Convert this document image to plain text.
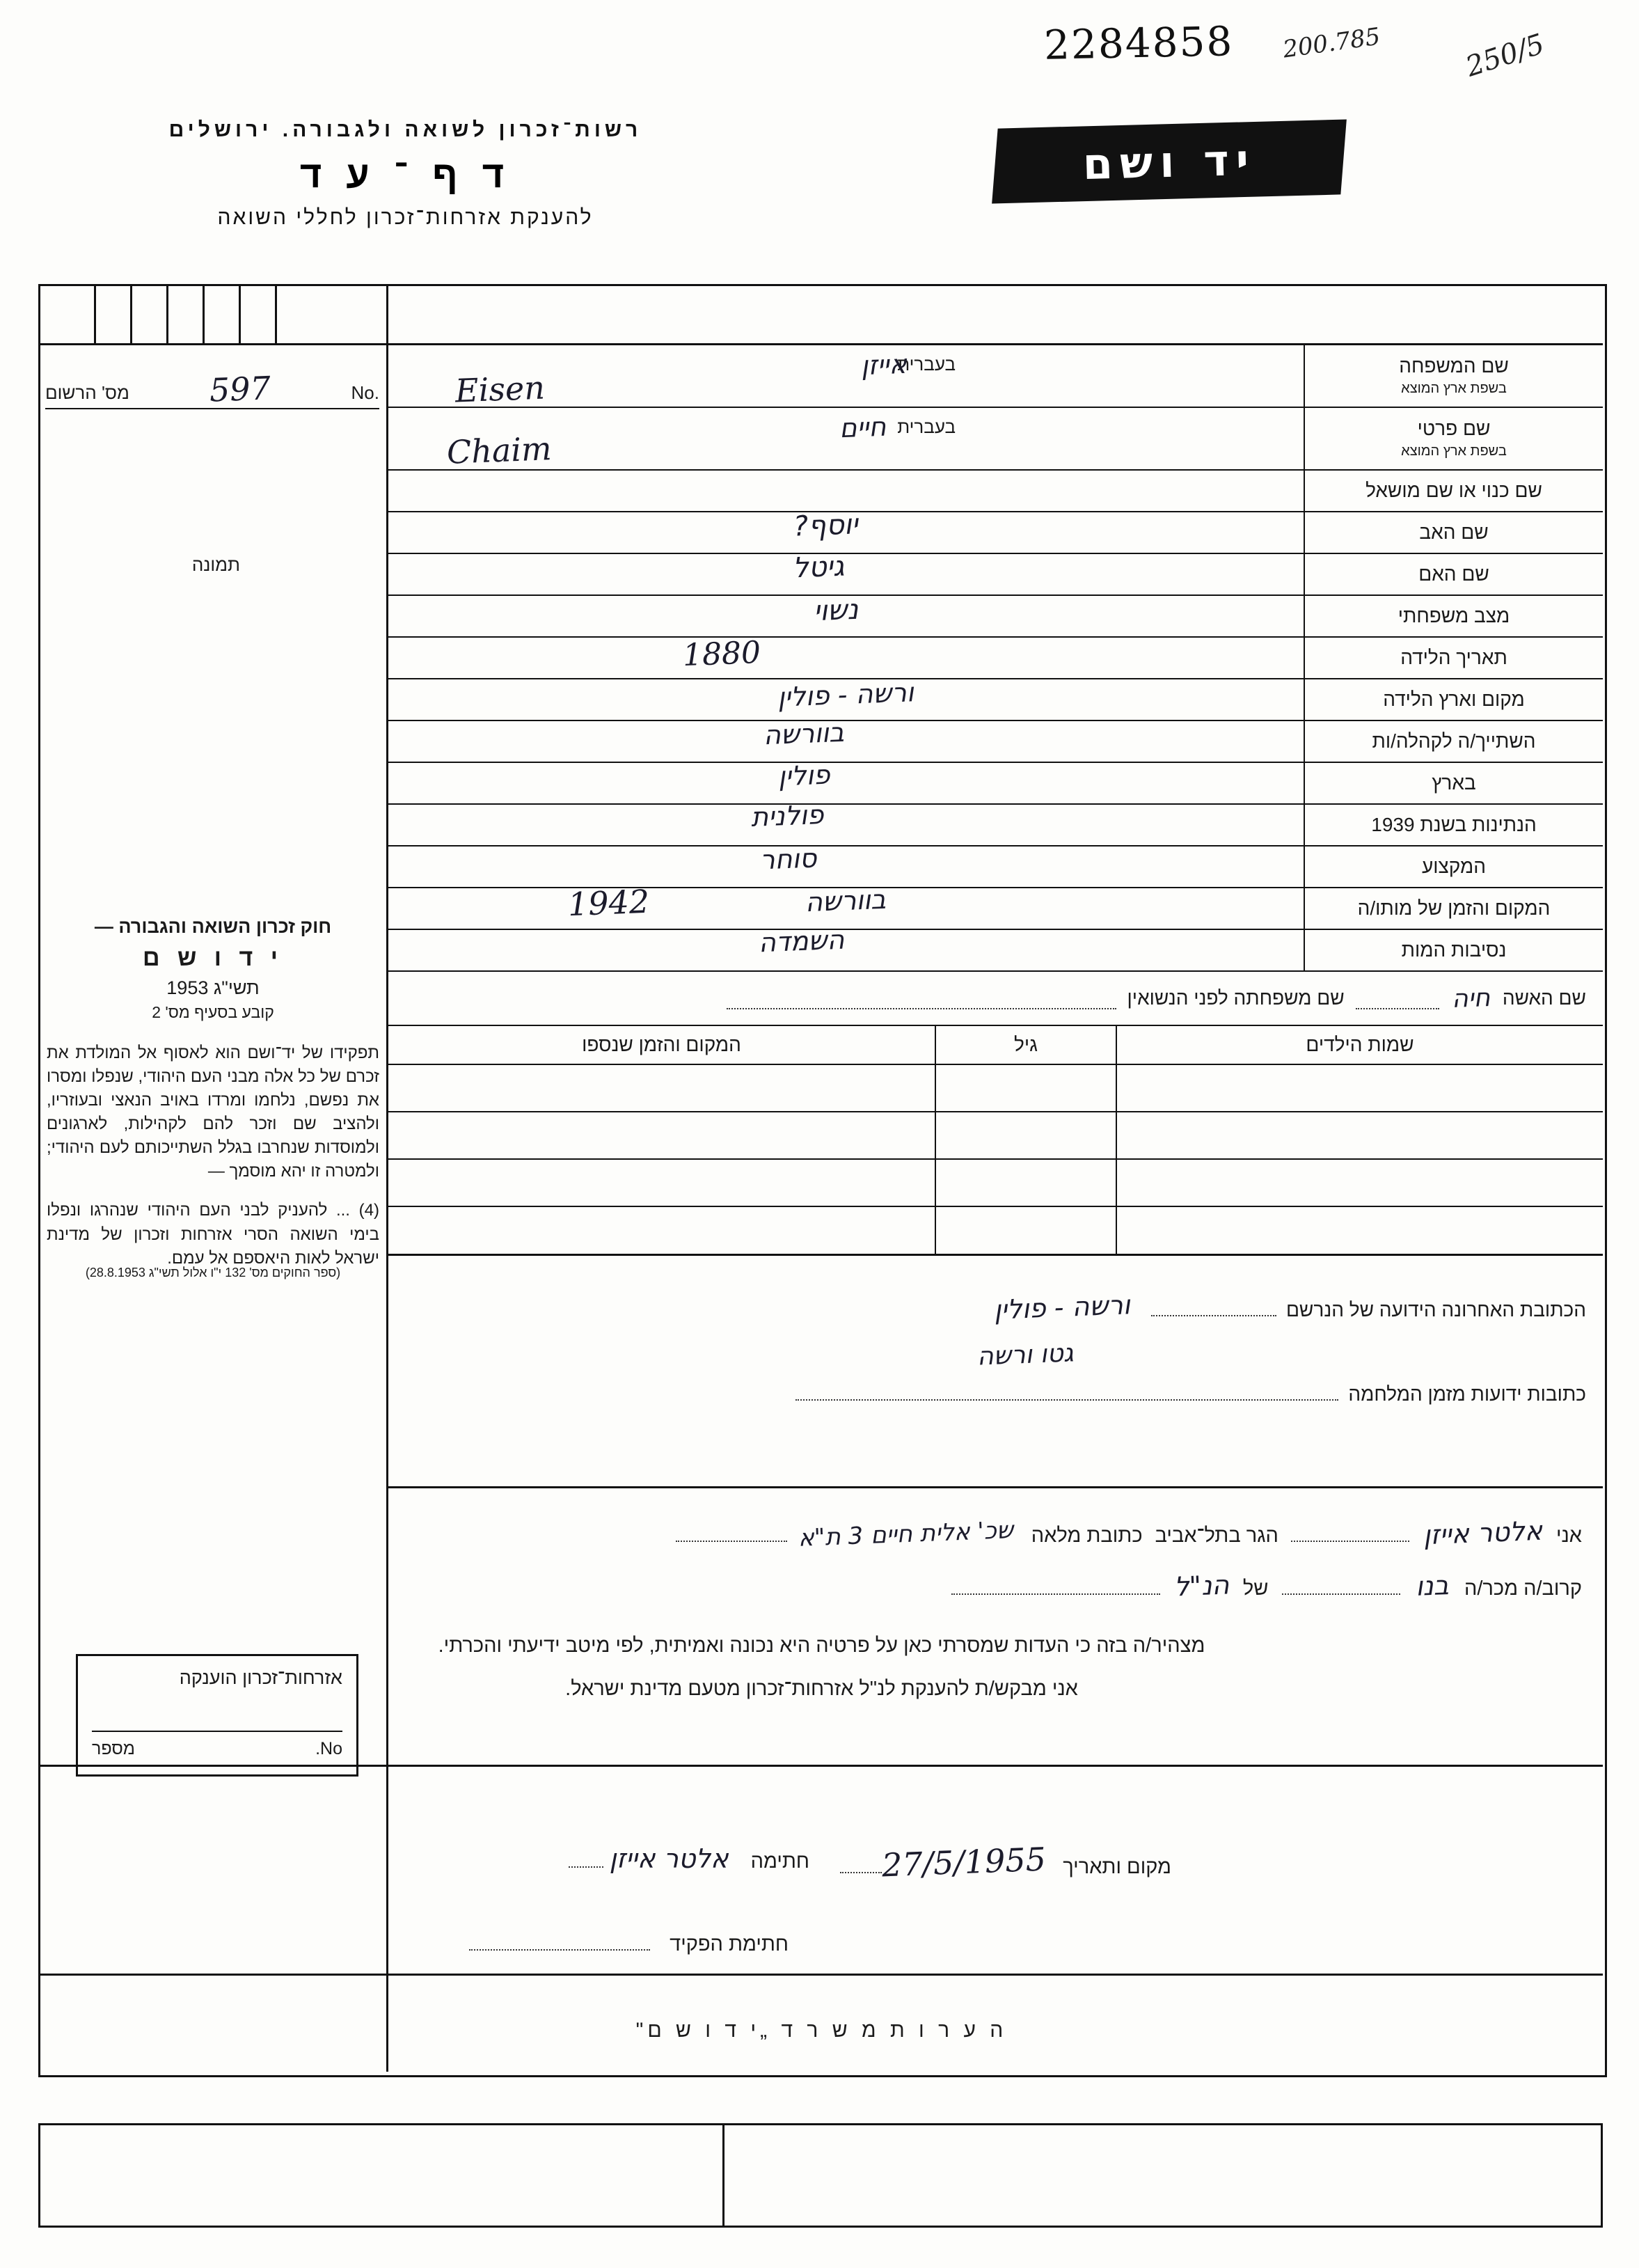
2284858 200.785	250/5
רשות־זכרון לשואה ולגבורה. ירושלים
ד ף ־ ע ד
להענקת אזרחות־זכרון לחללי השואה
יד ושם
No.
597
מס' הרשום
תמונה
חוק זכרון השואה והגבורה —
י ד ו ש ם
תשי"ג 1953
קובע בסעיף מס' 2

תפקידו של יד־ושם הוא לאסוף אל המולדת את זכרם של כל אלה מבני העם היהודי, שנפלו ומסרו את נפשם, נלחמו ומרדו באויב הנאצי ובעוזריו, ולהציב שם וזכר להם לקהילות, לארגונים ולמוסדות שנחרבו בגלל השתייכותם לעם היהודי; ולמטרה זו יהא מוסמך —

(4) ... להעניק לבני העם היהודי שנהרגו ונפלו בימי השואה הסרי אזרחות וזכרון של מדינת ישראל לאות היאספם אל עמם.

(ספר החוקים מס' 132 י"ו אלול תשי"ג 28.8.1953)
אזרחות־זכרון הוענקה
No.
מספר
שם המשפחה
בשפת ארץ המוצא
בעברית
אייזן
Eisen
שם פרטי
בשפת ארץ המוצא
בעברית
חיים
Chaim
שם כנוי או שם מושאל
שם האב
יוסף?
שם האם
גיטל
מצב משפחתי
נשוי
תאריך הלידה
1880
מקום וארץ הלידה
ורשה - פולין
השתייך/ה לקהלה/ות
בוורשה
בארץ
פולין
הנתינות בשנת 1939
פולנית
המקצוע
סוחר
המקום והזמן של מותו/ה
בוורשה
1942
נסיבות המות
השמדה
שם האשה
חיה
שם משפחתה לפני הנשואין
שמות הילדים
גיל
המקום והזמן שנספו
הכתובת האחרונה הידועה של הנרשם
ורשה - פולין
גטו ורשה
כתובות ידועות מזמן המלחמה
אני
אלטר אייזן
הגר בתל־אביב
כתובת מלאה
שכ' אלית חיים 3 ת"א
קרוב/ה מכר/ה
בנו
של
הנ"ל
מצהיר/ה בזה כי העדות שמסרתי כאן על פרטיה היא נכונה ואמיתית, לפי מיטב ידיעתי והכרתי.
אני מבקש/ת להענקת לנ"ל אזרחות־זכרון מטעם מדינת ישראל.
מקום ותאריך
27/5/1955
חתימה אלטר אייזן
חתימת הפקיד
ה ע ר ו ת מ ש ר ד „י ד ו ש ם"
